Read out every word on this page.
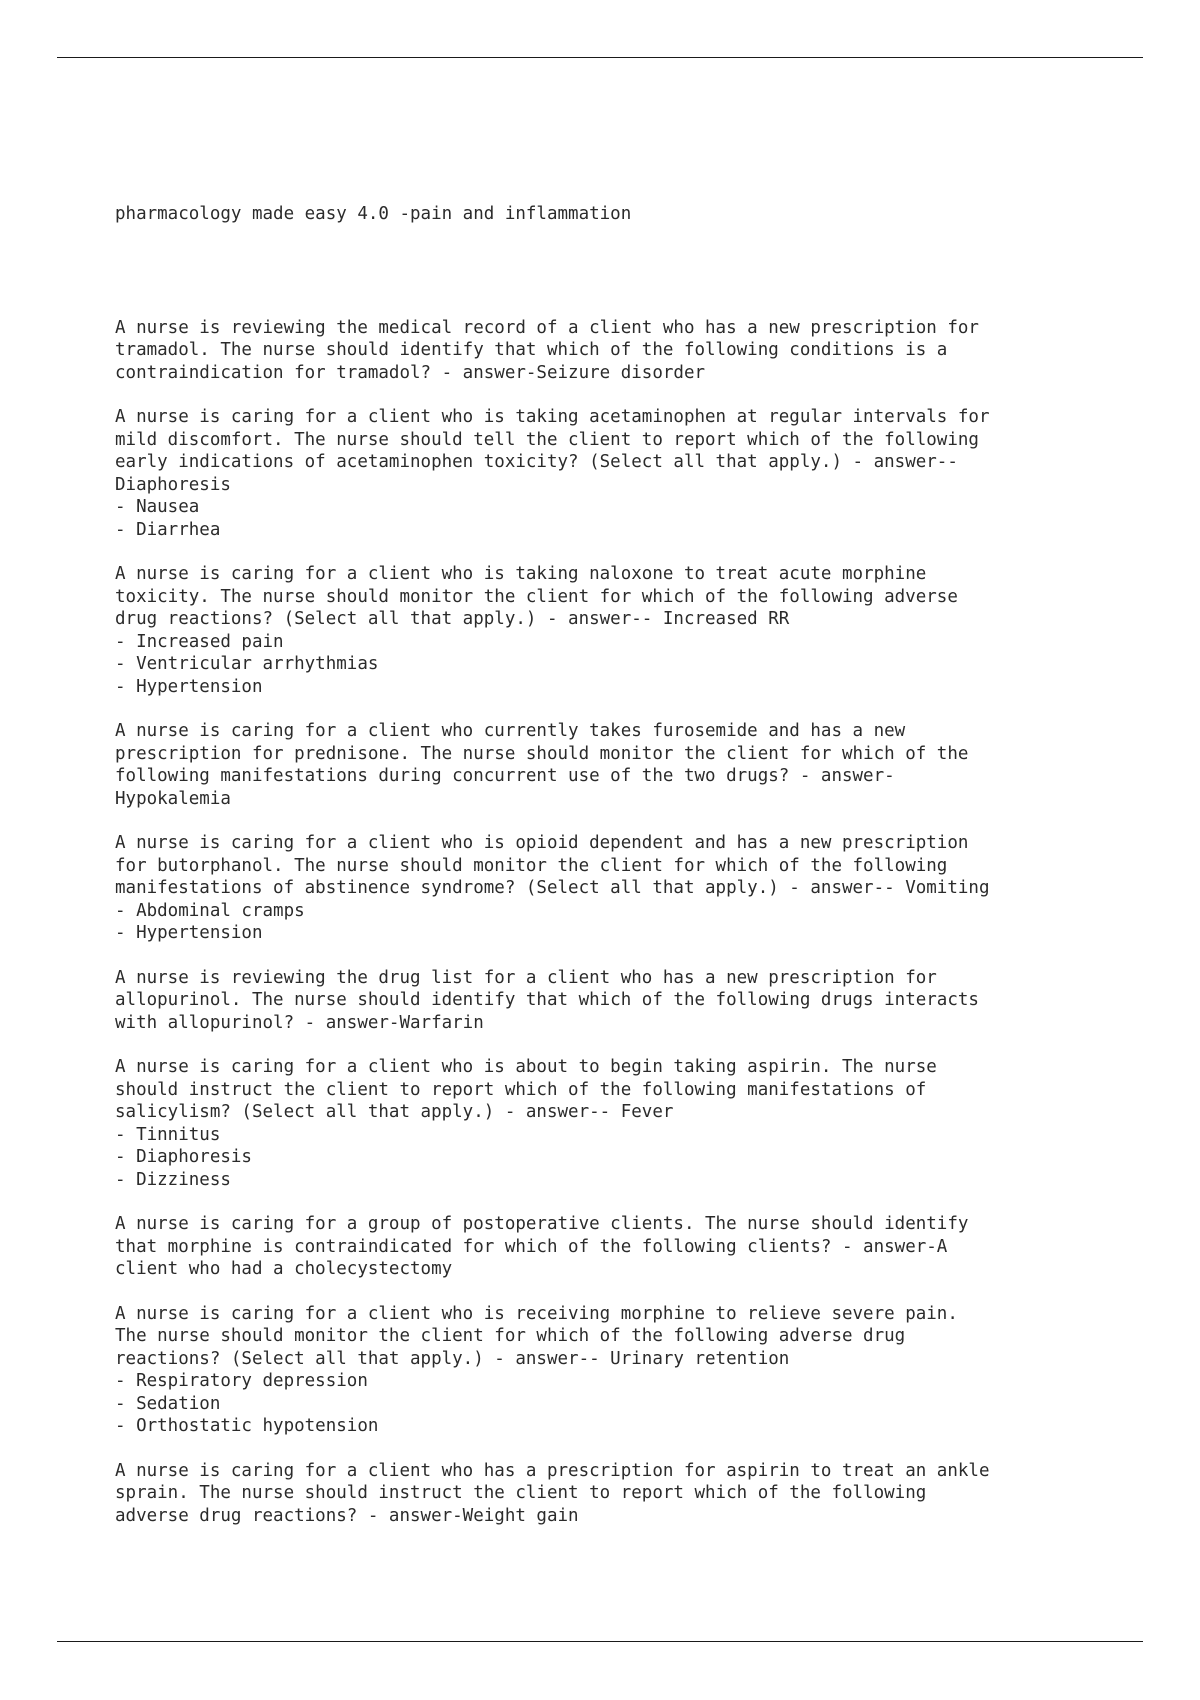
pharmacology made easy 4.0 -pain and inflammation

A nurse is reviewing the medical record of a client who has a new prescription for
tramadol. The nurse should identify that which of the following conditions is a
contraindication for tramadol? - answer-Seizure disorder
A nurse is caring for a client who is taking acetaminophen at regular intervals for
mild discomfort. The nurse should tell the client to report which of the following
early indications of acetaminophen toxicity? (Select all that apply.) - answer--
Diaphoresis
- Nausea
- Diarrhea
A nurse is caring for a client who is taking naloxone to treat acute morphine
toxicity. The nurse should monitor the client for which of the following adverse
drug reactions? (Select all that apply.) - answer-- Increased RR
- Increased pain
- Ventricular arrhythmias
- Hypertension
A nurse is caring for a client who currently takes furosemide and has a new
prescription for prednisone. The nurse should monitor the client for which of the
following manifestations during concurrent use of the two drugs? - answer-
Hypokalemia
A nurse is caring for a client who is opioid dependent and has a new prescription
for butorphanol. The nurse should monitor the client for which of the following
manifestations of abstinence syndrome? (Select all that apply.) - answer-- Vomiting
- Abdominal cramps
- Hypertension
A nurse is reviewing the drug list for a client who has a new prescription for
allopurinol. The nurse should identify that which of the following drugs interacts
with allopurinol? - answer-Warfarin
A nurse is caring for a client who is about to begin taking aspirin. The nurse
should instruct the client to report which of the following manifestations of
salicylism? (Select all that apply.) - answer-- Fever
- Tinnitus
- Diaphoresis
- Dizziness
A nurse is caring for a group of postoperative clients. The nurse should identify
that morphine is contraindicated for which of the following clients? - answer-A
client who had a cholecystectomy
A nurse is caring for a client who is receiving morphine to relieve severe pain.
The nurse should monitor the client for which of the following adverse drug
reactions? (Select all that apply.) - answer-- Urinary retention
- Respiratory depression
- Sedation
- Orthostatic hypotension
A nurse is caring for a client who has a prescription for aspirin to treat an ankle
sprain. The nurse should instruct the client to report which of the following
adverse drug reactions? - answer-Weight gain
